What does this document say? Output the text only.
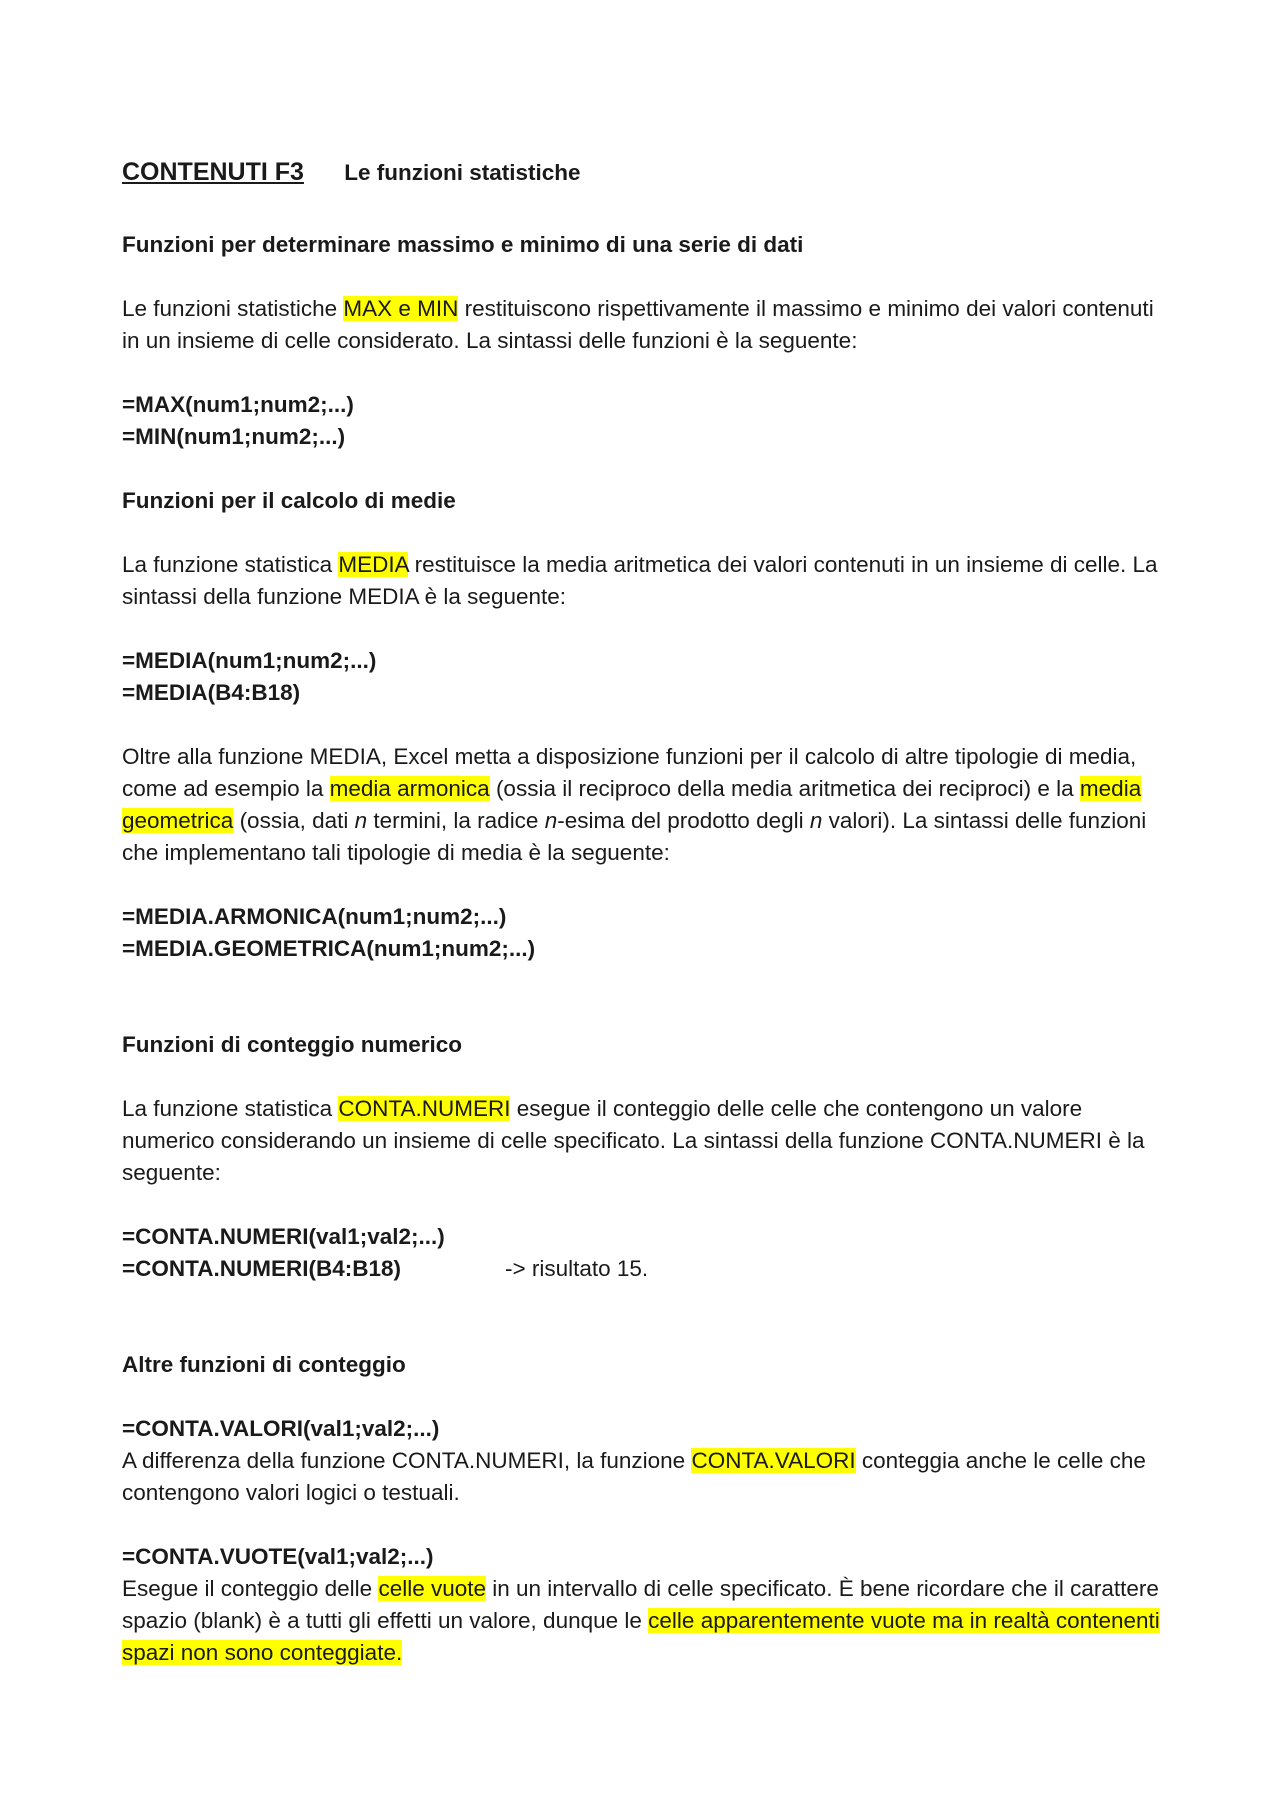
CONTENUTI F3 Le funzioni statistiche
Funzioni per determinare massimo e minimo di una serie di dati

Le funzioni statistiche MAX e MIN restituiscono rispettivamente il massimo e minimo dei valori contenuti in un insieme di celle considerato. La sintassi delle funzioni è la seguente:

=MAX(num1;num2;...)
=MIN(num1;num2;...)
Funzioni per il calcolo di medie

La funzione statistica MEDIA restituisce la media aritmetica dei valori contenuti in un insieme di celle. La sintassi della funzione MEDIA è la seguente:

=MEDIA(num1;num2;...)
=MEDIA(B4:B18)

Oltre alla funzione MEDIA, Excel metta a disposizione funzioni per il calcolo di altre tipologie di media, come ad esempio la media armonica (ossia il reciproco della media aritmetica dei reciproci) e la media geometrica (ossia, dati n termini, la radice n-esima del prodotto degli n valori). La sintassi delle funzioni che implementano tali tipologie di media è la seguente:

=MEDIA.ARMONICA(num1;num2;...)
=MEDIA.GEOMETRICA(num1;num2;...)
Funzioni di conteggio numerico

La funzione statistica CONTA.NUMERI esegue il conteggio delle celle che contengono un valore numerico considerando un insieme di celle specificato. La sintassi della funzione CONTA.NUMERI è la seguente:

=CONTA.NUMERI(val1;val2;...)
=CONTA.NUMERI(B4:B18)	-> risultato 15.
Altre funzioni di conteggio
=CONTA.VALORI(val1;val2;...)
A differenza della funzione CONTA.NUMERI, la funzione CONTA.VALORI conteggia anche le celle che contengono valori logici o testuali.
=CONTA.VUOTE(val1;val2;...)
Esegue il conteggio delle celle vuote in un intervallo di celle specificato. È bene ricordare che il carattere spazio (blank) è a tutti gli effetti un valore, dunque le celle apparentemente vuote ma in realtà contenenti spazi non sono conteggiate.
